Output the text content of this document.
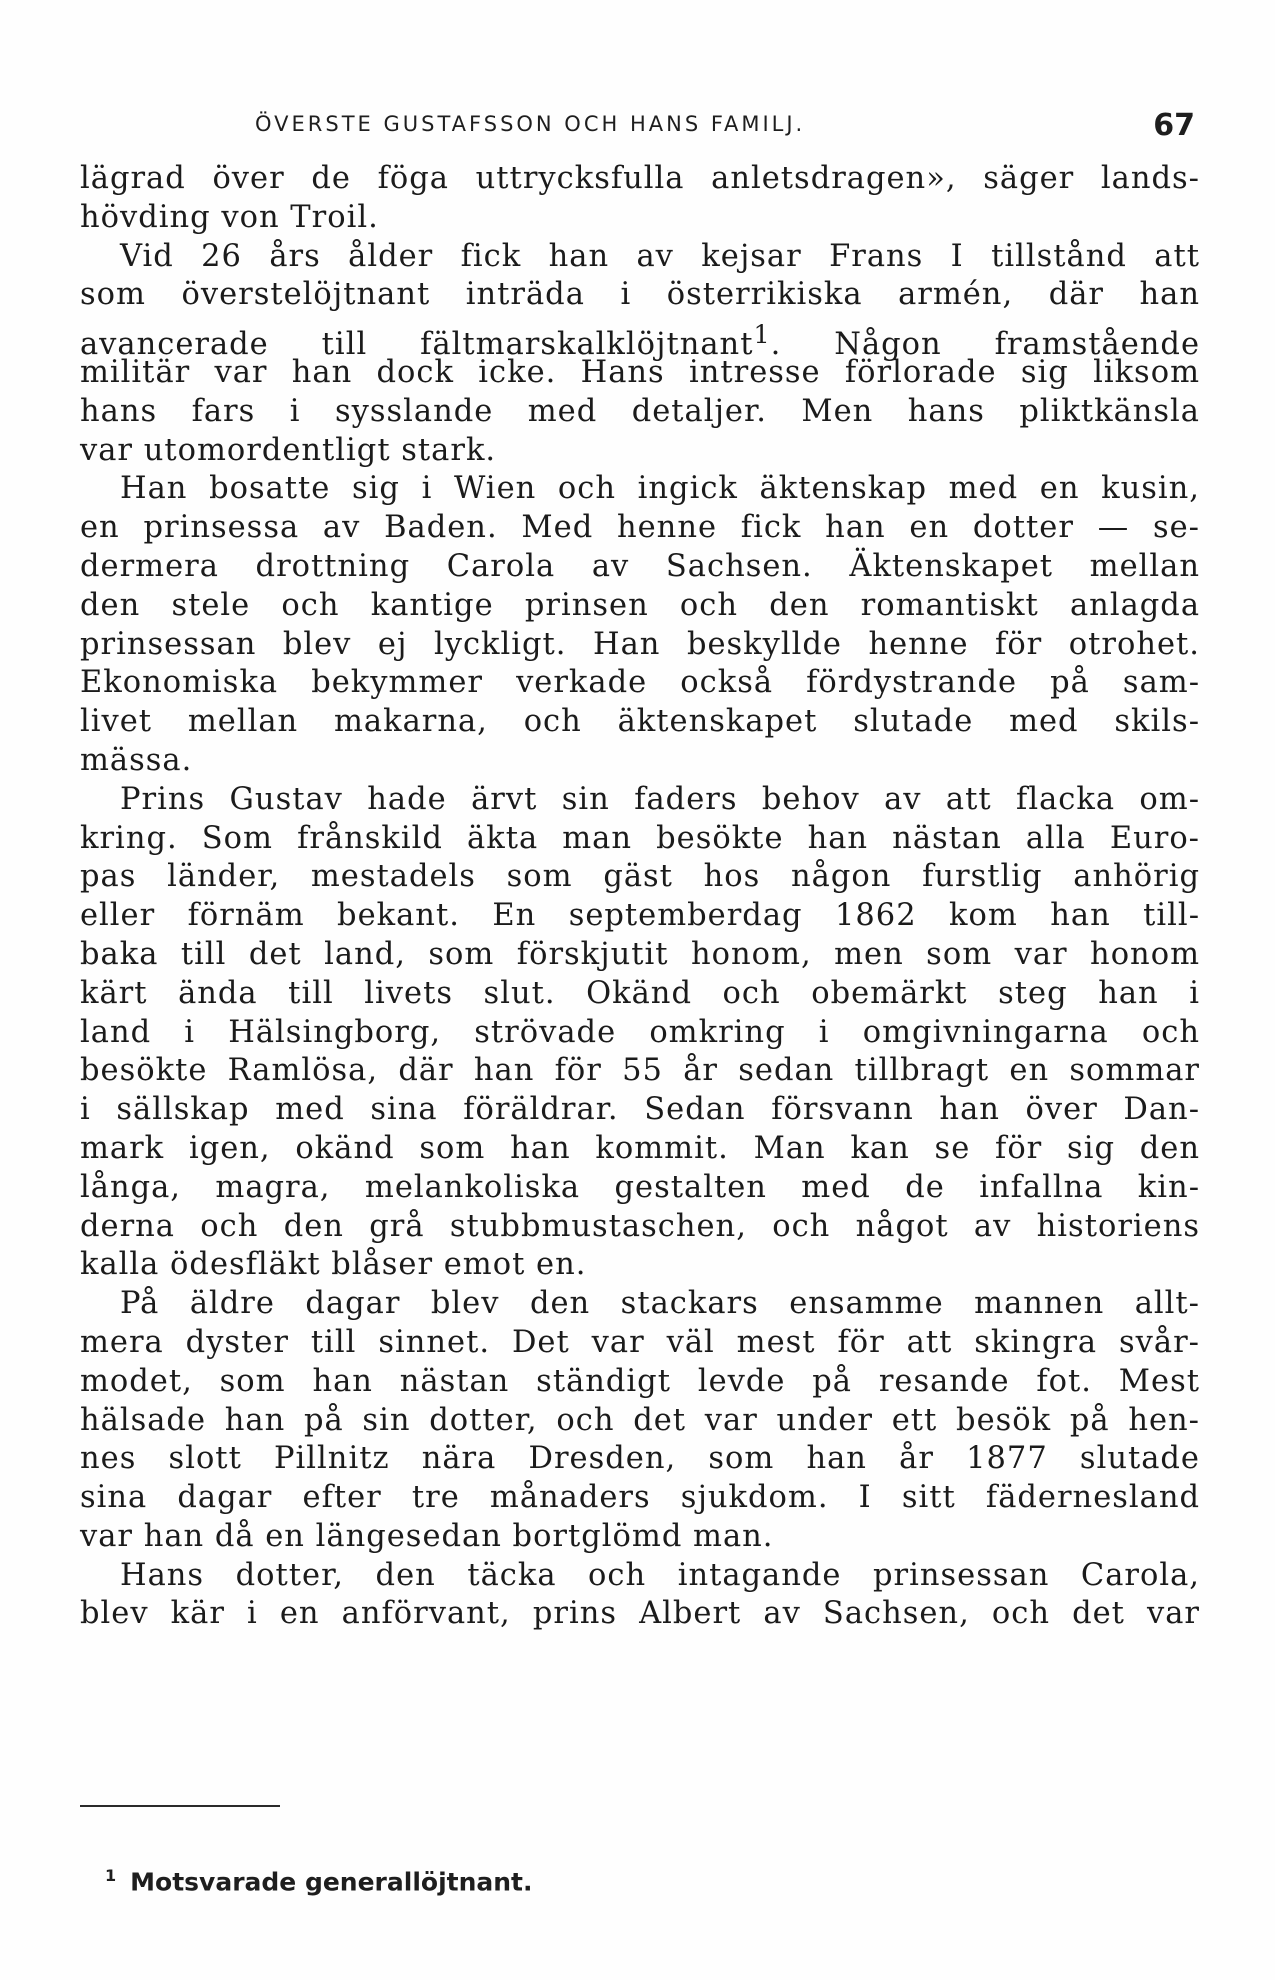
ÖVERSTE GUSTAFSSON OCH HANS FAMILJ.	67
lägrad över de föga uttrycksfulla anletsdragen», säger lands-
hövding von Troil.
Vid 26 års ålder fick han av kejsar Frans I tillstånd att
som överstelöjtnant inträda i österrikiska armén, där han
avancerade till fältmarskalklöjtnant$^1$. Någon framstående
militär var han dock icke. Hans intresse förlorade sig liksom
hans fars i sysslande med detaljer. Men hans pliktkänsla
var utomordentligt stark.
Han bosatte sig i Wien och ingick äktenskap med en kusin,
en prinsessa av Baden. Med henne fick han en dotter — se-
dermera drottning Carola av Sachsen. Äktenskapet mellan
den stele och kantige prinsen och den romantiskt anlagda
prinsessan blev ej lyckligt. Han beskyllde henne för otrohet.
Ekonomiska bekymmer verkade också fördystrande på sam-
livet mellan makarna, och äktenskapet slutade med skils-
mässa.
Prins Gustav hade ärvt sin faders behov av att flacka om-
kring. Som frånskild äkta man besökte han nästan alla Euro-
pas länder, mestadels som gäst hos någon furstlig anhörig
eller förnäm bekant. En septemberdag 1862 kom han till-
baka till det land, som förskjutit honom, men som var honom
kärt ända till livets slut. Okänd och obemärkt steg han i
land i Hälsingborg, strövade omkring i omgivningarna och
besökte Ramlösa, där han för 55 år sedan tillbragt en sommar
i sällskap med sina föräldrar. Sedan försvann han över Dan-
mark igen, okänd som han kommit. Man kan se för sig den
långa, magra, melankoliska gestalten med de infallna kin-
derna och den grå stubbmustaschen, och något av historiens
kalla ödesfläkt blåser emot en.
På äldre dagar blev den stackars ensamme mannen allt-
mera dyster till sinnet. Det var väl mest för att skingra svår-
modet, som han nästan ständigt levde på resande fot. Mest
hälsade han på sin dotter, och det var under ett besök på hen-
nes slott Pillnitz nära Dresden, som han år 1877 slutade
sina dagar efter tre månaders sjukdom. I sitt fädernesland
var han då en längesedan bortglömd man.
Hans dotter, den täcka och intagande prinsessan Carola,
blev kär i en anförvant, prins Albert av Sachsen, och det var
$^1$ Motsvarade generallöjtnant.
